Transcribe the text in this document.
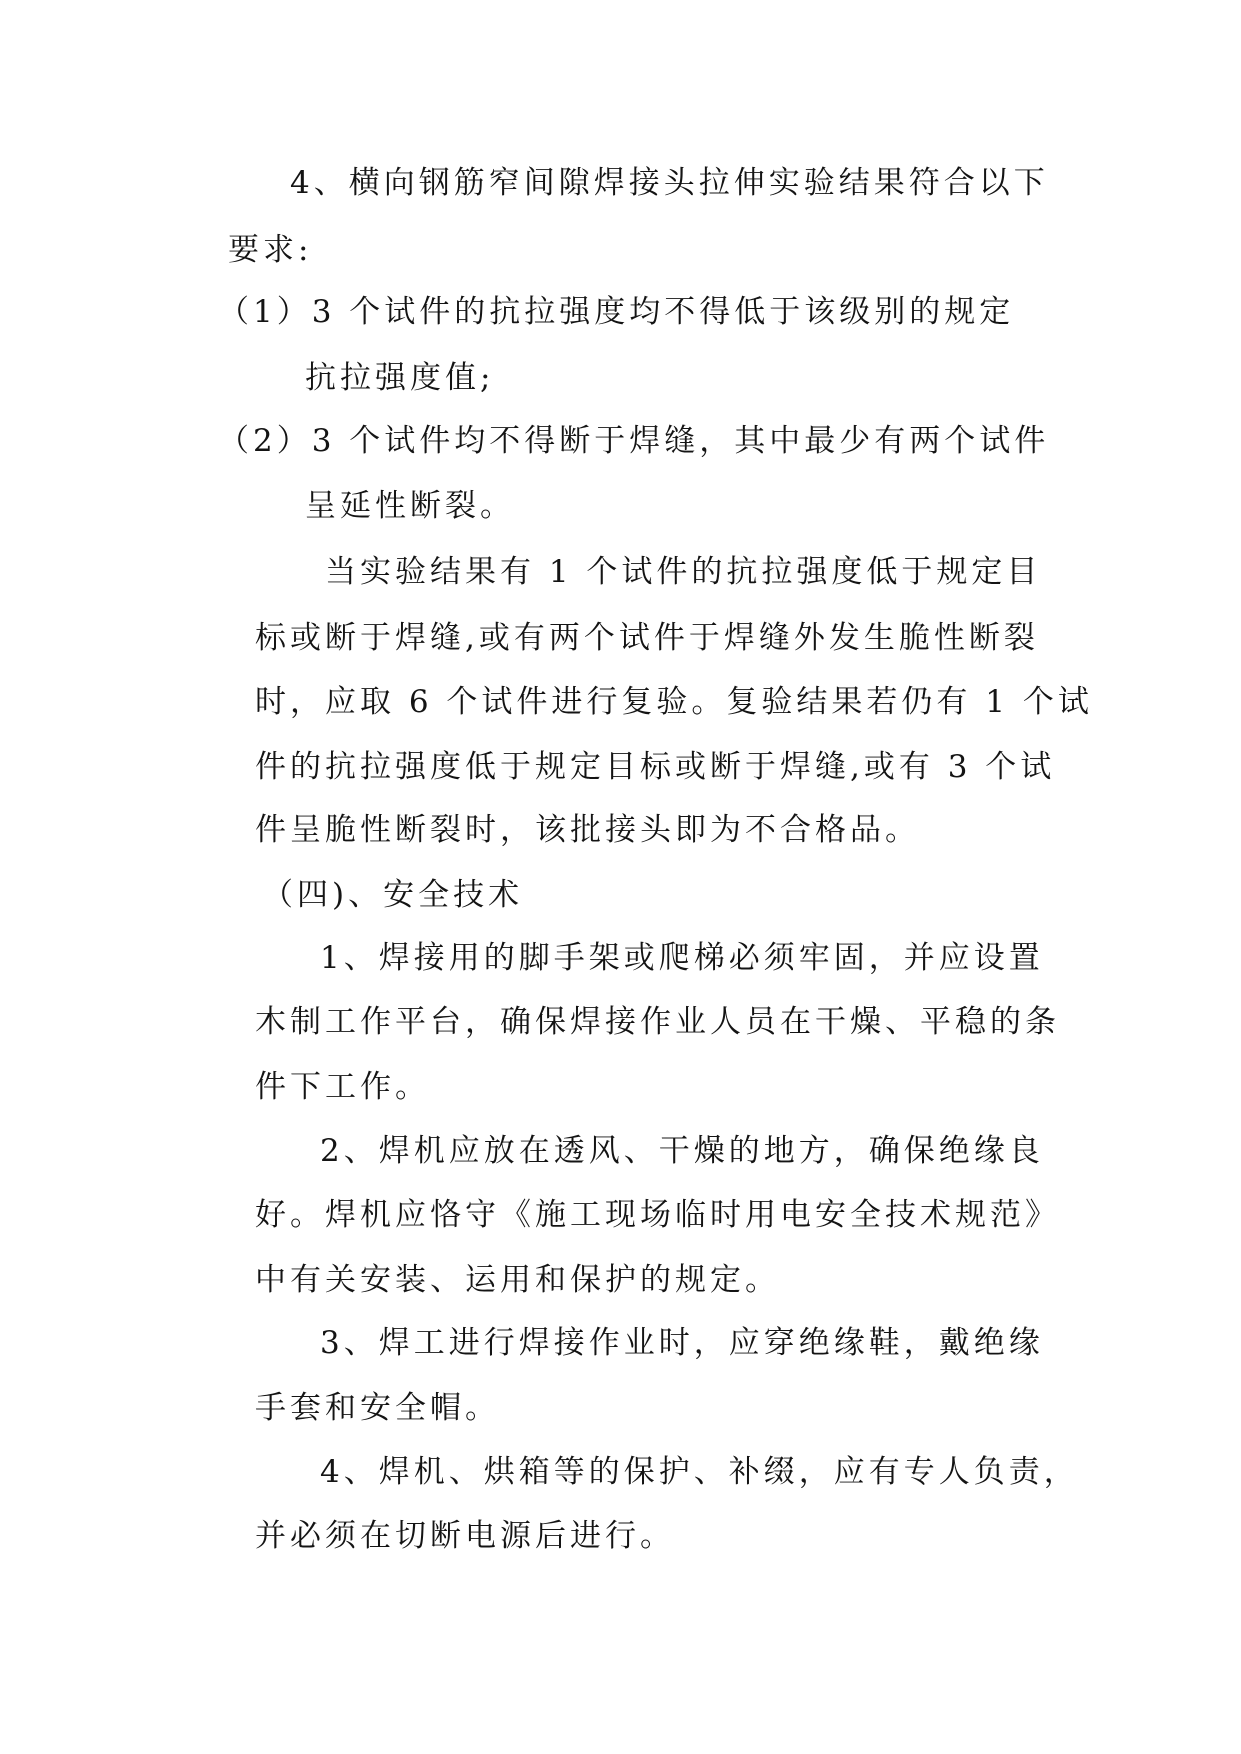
4、横向钢筋窄间隙焊接头拉伸实验结果符合以下
要求:
（1）3 个试件的抗拉强度均不得低于该级别的规定
抗拉强度值;
（2）3 个试件均不得断于焊缝，其中最少有两个试件
呈延性断裂。
当实验结果有 1 个试件的抗拉强度低于规定目
标或断于焊缝,或有两个试件于焊缝外发生脆性断裂
时，应取 6 个试件进行复验。复验结果若仍有 1 个试
件的抗拉强度低于规定目标或断于焊缝,或有 3 个试
件呈脆性断裂时，该批接头即为不合格品。
（四)、安全技术
1、焊接用的脚手架或爬梯必须牢固，并应设置
木制工作平台，确保焊接作业人员在干燥、平稳的条
件下工作。
2、焊机应放在透风、干燥的地方，确保绝缘良
好。焊机应恪守《施工现场临时用电安全技术规范》
中有关安装、运用和保护的规定。
3、焊工进行焊接作业时，应穿绝缘鞋，戴绝缘
手套和安全帽。
4、焊机、烘箱等的保护、补缀，应有专人负责，
并必须在切断电源后进行。
